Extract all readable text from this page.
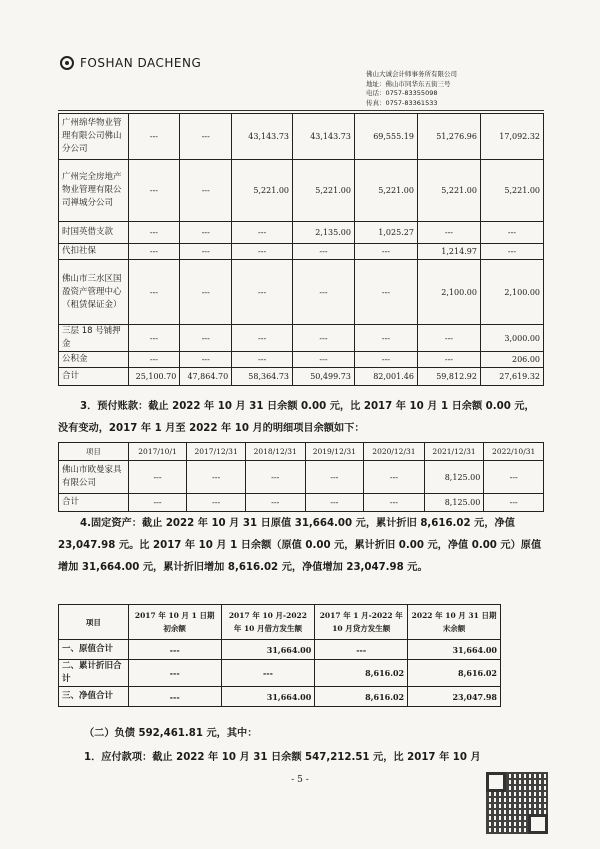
FOSHAN DACHENG
佛山大诚会计师事务所有限公司
地址：佛山市同华东五街三号
电话：0757-83355098
传真：0757-83361533
广州绵华物业管理有限公司佛山分公司	---	---	43,143.73	43,143.73	69,555.19	51,276.96	17,092.32
广州完全房地产物业管理有限公司禅城分公司	---	---	5,221.00	5,221.00	5,221.00	5,221.00	5,221.00
时国英借支款	---	---	---	2,135.00	1,025.27	---	---
代扣社保	---	---	---	---	---	1,214.97	---
佛山市三水区国盈资产管理中心（租赁保证金）	---	---	---	---	---	2,100.00	2,100.00
三层 18 号铺押金	---	---	---	---	---	---	3,000.00
公积金	---	---	---	---	---	---	206.00
合计	25,100.70	47,864.70	58,364.73	50,499.73	82,001.46	59,812.92	27,619.32
3．预付账款：截止 2022 年 10 月 31 日余额 0.00 元，比 2017 年 10 月 1 日余额 0.00 元，没有变动，2017 年 1 月至 2022 年 10 月的明细项目余额如下：
项目	2017/10/1	2017/12/31	2018/12/31	2019/12/31	2020/12/31	2021/12/31	2022/10/31
佛山市欧曼家具有限公司	---	---	---	---	---	8,125.00	---
合计	---	---	---	---	---	8,125.00	---
4.固定资产：截止 2022 年 10 月 31 日原值 31,664.00 元，累计折旧 8,616.02 元，净值 23,047.98 元。比 2017 年 10 月 1 日余额（原值 0.00 元，累计折旧 0.00 元，净值 0.00 元）原值增加 31,664.00 元，累计折旧增加 8,616.02 元，净值增加 23,047.98 元。
项目	2017 年 10 月 1 日期初余额	2017 年 10 月-2022 年 10 月借方发生额	2017 年 1 月-2022 年 10 月贷方发生额	2022 年 10 月 31 日期末余额
一、原值合计	---	31,664.00	---	31,664.00
二、累计折旧合计	---	---	8,616.02	8,616.02
三、净值合计	---	31,664.00	8,616.02	23,047.98
（二）负债 592,461.81 元，其中：
1．应付款项：截止 2022 年 10 月 31 日余额 547,212.51 元，比 2017 年 10 月
- 5 -
